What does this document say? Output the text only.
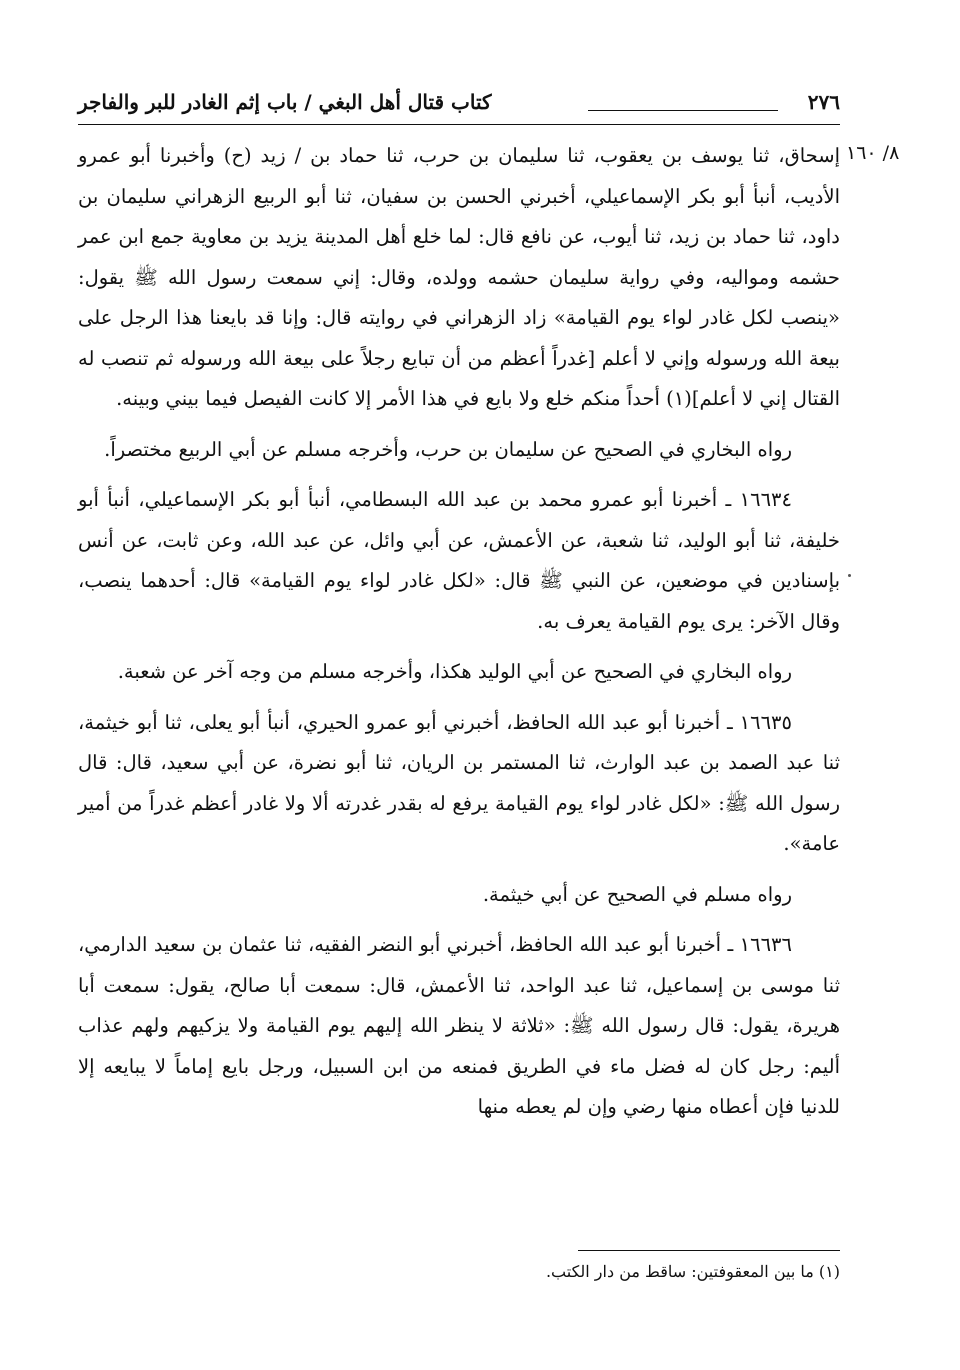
٢٧٦
كتاب قتال أهل البغي / باب إثم الغادر للبر والفاجر
٨/ ١٦٠

إسحاق، ثنا يوسف بن يعقوب، ثنا سليمان بن حرب، ثنا حماد بن / زيد (ح) وأخبرنا أبو عمرو الأديب، أنبأ أبو بكر الإسماعيلي، أخبرني الحسن بن سفيان، ثنا أبو الربيع الزهراني سليمان بن داود، ثنا حماد بن زيد، ثنا أيوب، عن نافع قال: لما خلع أهل المدينة يزيد بن معاوية جمع ابن عمر حشمه ومواليه، وفي رواية سليمان حشمه وولده، وقال: إني سمعت رسول الله ﷺ يقول: «ينصب لكل غادر لواء يوم القيامة» زاد الزهراني في روايته قال: وإنا قد بايعنا هذا الرجل على بيعة الله ورسوله وإني لا أعلم [غدراً أعظم من أن تبايع رجلاً على بيعة الله ورسوله ثم تنصب له القتال إني لا أعلم](١) أحداً منكم خلع ولا بايع في هذا الأمر إلا كانت الفيصل فيما بيني وبينه.

رواه البخاري في الصحيح عن سليمان بن حرب، وأخرجه مسلم عن أبي الربيع مختصراً.

١٦٦٣٤ ـ أخبرنا أبو عمرو محمد بن عبد الله البسطامي، أنبأ أبو بكر الإسماعيلي، أنبأ أبو خليفة، ثنا أبو الوليد، ثنا شعبة، عن الأعمش، عن أبي وائل، عن عبد الله، وعن ثابت، عن أنس بإسنادين في موضعين، عن النبي ﷺ قال: «لكل غادر لواء يوم القيامة» قال: أحدهما ينصب، وقال الآخر: يرى يوم القيامة يعرف به.

رواه البخاري في الصحيح عن أبي الوليد هكذا، وأخرجه مسلم من وجه آخر عن شعبة.

١٦٦٣٥ ـ أخبرنا أبو عبد الله الحافظ، أخبرني أبو عمرو الحيري، أنبأ أبو يعلى، ثنا أبو خيثمة، ثنا عبد الصمد بن عبد الوارث، ثنا المستمر بن الريان، ثنا أبو نضرة، عن أبي سعيد، قال: قال رسول الله ﷺ: «لكل غادر لواء يوم القيامة يرفع له بقدر غدرته ألا ولا غادر أعظم غدراً من أمير عامة».

رواه مسلم في الصحيح عن أبي خيثمة.

١٦٦٣٦ ـ أخبرنا أبو عبد الله الحافظ، أخبرني أبو النضر الفقيه، ثنا عثمان بن سعيد الدارمي، ثنا موسى بن إسماعيل، ثنا عبد الواحد، ثنا الأعمش، قال: سمعت أبا صالح، يقول: سمعت أبا هريرة، يقول: قال رسول الله ﷺ: «ثلاثة لا ينظر الله إليهم يوم القيامة ولا يزكيهم ولهم عذاب أليم: رجل كان له فضل ماء في الطريق فمنعه من ابن السبيل، ورجل بايع إماماً لا يبايعه إلا للدنيا فإن أعطاه منها رضي وإن لم يعطه منها

(١) ما بين المعقوفتين: ساقط من دار الكتب.
